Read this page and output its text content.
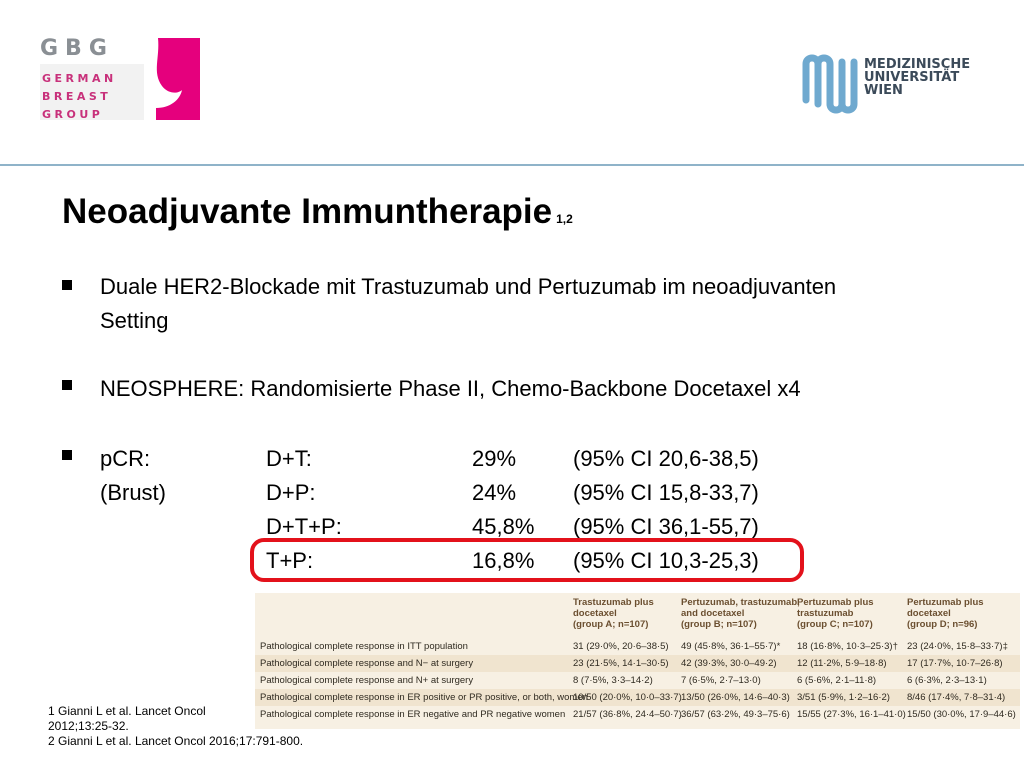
GBG
GERMAN
BREAST
GROUP
MEDIZINISCHE
UNIVERSITÄT
WIEN
Neoadjuvante Immuntherapie 1,2
Duale HER2-Blockade mit Trastuzumab und Pertuzumab im neoadjuvanten
Setting
NEOSPHERE: Randomisierte Phase II, Chemo-Backbone Docetaxel x4
pCR:
(Brust)
D+T:	29%	(95% CI 20,6-38,5)
D+P:	24%	(95% CI 15,8-33,7)
D+T+P:	45,8% (95% CI 36,1-55,7)
T+P:	16,8% (95% CI 10,3-25,3)
Trastuzumab plus
docetaxel
(group A; n=107)
Pertuzumab, trastuzumab,
and docetaxel
(group B; n=107)
Pertuzumab plus
trastuzumab
(group C; n=107)
Pertuzumab plus
docetaxel
(group D; n=96)
Pathological complete response in ITT population	31 (29·0%, 20·6–38·5) 49 (45·8%, 36·1–55·7)* 18 (16·8%, 10·3–25·3)† 23 (24·0%, 15·8–33·7)‡
Pathological complete response and N− at surgery	23 (21·5%, 14·1–30·5) 42 (39·3%, 30·0–49·2) 12 (11·2%, 5·9–18·8) 17 (17·7%, 10·7–26·8)
Pathological complete response and N+ at surgery	8 (7·5%, 3·3–14·2)	7 (6·5%, 2·7–13·0)	6 (5·6%, 2·1–11·8)	6 (6·3%, 2·3–13·1)
Pathological complete response in ER positive or PR positive, or both, women
10/50 (20·0%, 10·0–33·7) 13/50 (26·0%, 14·6–40·3) 3/51 (5·9%, 1·2–16·2) 8/46 (17·4%, 7·8–31·4)
Pathological complete response in ER negative and PR negative women 21/57 (36·8%, 24·4–50·7) 36/57 (63·2%, 49·3–75·6) 15/55 (27·3%, 16·1–41·0) 15/50 (30·0%, 17·9–44·6)
1 Gianni L et al. Lancet Oncol
2012;13:25-32.
2 Gianni L et al. Lancet Oncol 2016;17:791-800.
